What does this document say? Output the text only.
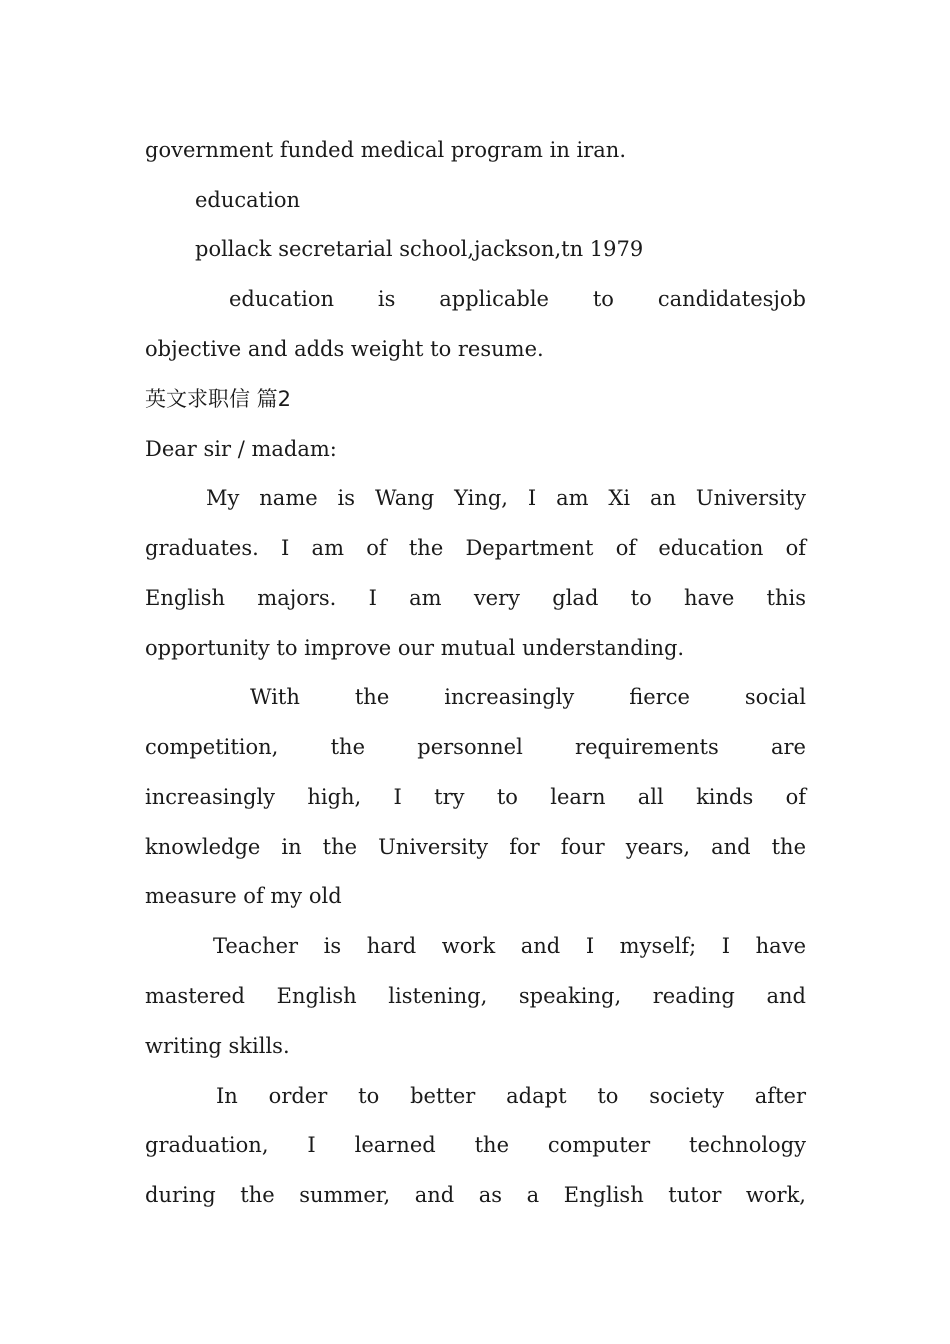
government funded medical program in iran.
education
pollack secretarial school,jackson,tn 1979
education is applicable to candidatesjob
objective and adds weight to resume.
英文求职信 篇2
Dear sir / madam:
My name is Wang Ying, I am Xi an University
graduates. I am of the Department of education of
English majors. I am very glad to have this
opportunity to improve our mutual understanding.
With the increasingly fierce social
competition, the personnel requirements are
increasingly high, I try to learn all kinds of
knowledge in the University for four years, and the
measure of my old
Teacher is hard work and I myself; I have
mastered English listening, speaking, reading and
writing skills.
In order to better adapt to society after
graduation, I learned the computer technology
during the summer, and as a English tutor work,
